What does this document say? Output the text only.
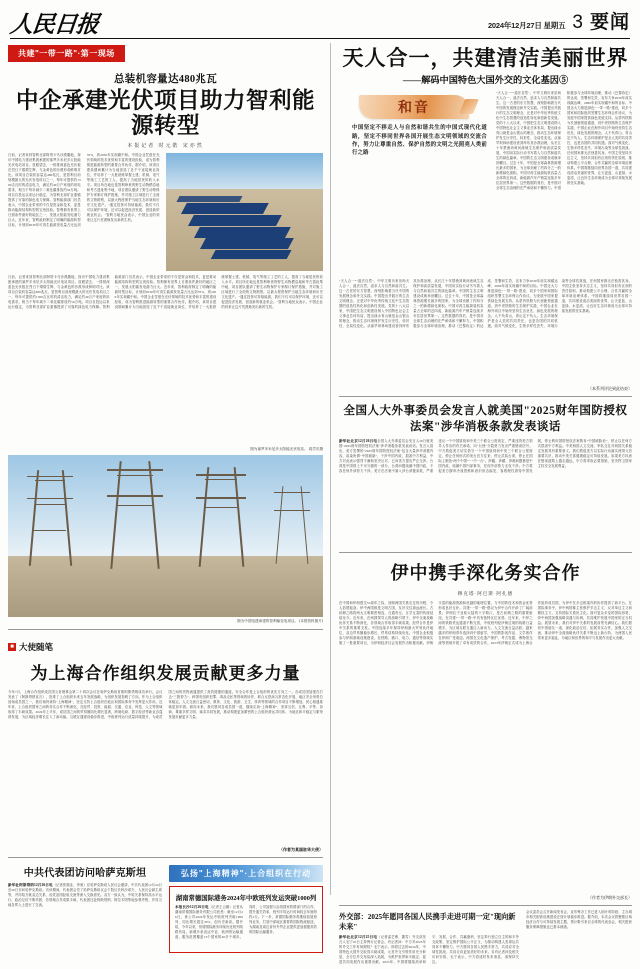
人民日报	2024年12月27日 星期五 3 要闻
共建"一带一路"·第一现场
总装机容量达480兆瓦
中企承建光伏项目助力智利能源转型
本报记者 时元皓 宋亦然
日前，记者来到智利北部阿塔卡马沙漠腹地，探访中国电力建设集团承建的塞罗多米尼多太阳能光伏电站项目。放眼望去，一排排深蓝色光伏板在烈日下熠熠生辉，与金黄色的沙漠形成鲜明对比。该项目总装机容量达480兆瓦，是智利目前规模最大的光伏发电项目之一，每年可提供约1300吉瓦时的清洁电力，满足约40万户家庭的用电需求，相当于每年减少二氧化碳排放约50万吨。项目自投运以来运行稳定，为智利北部矿业重镇提供了可靠的绿色电力保障。智利能源部门官员表示，中国企业带来的不仅是资金和技术，更是推动能源结构转型的宝贵经验。智利拥有世界上日照条件最好的地区之一，发展太阳能发电潜力巨大。近年来，智利政府制定了明确的能源转型目标，计划到2030年可再生能源发电量占比达到70%，到2050年实现碳中和。中国企业凭借在光伏领域的技术优势和丰富的建设经验，成为智利推进能源转型的重要合作伙伴。据介绍，该项目建设期间累计为当地创造了近千个直接就业岗位，并培养了一大批熟练掌握土建、机械、电气等施工工艺的工人，提高了当地居民的收入水平。项目所在地也是智利珍贵的野生动物栖息地和考古遗址集中地，项目团队邀请了野生动物保护专家制订保护措施，并对施工区域进行了全面的文物勘察，以最大程度保护当地生态环境和历史文化遗产。"通过投资可持续能源，我们不仅可以保护环境，还可以促进经济发展、创造新的就业机会。"智利当地民众表示，中国企业的到来让这片荒漠焕发出新的生机。
日前，记者来到智利北部阿塔卡马沙漠腹地，探访中国电力建设集团承建的塞罗多米尼多太阳能光伏电站项目。放眼望去，一排排深蓝色光伏板在烈日下熠熠生辉，与金黄色的沙漠形成鲜明对比。该项目总装机容量达480兆瓦，是智利目前规模最大的光伏发电项目之一，每年可提供约1300吉瓦时的清洁电力，满足约40万户家庭的用电需求，相当于每年减少二氧化碳排放约50万吨。项目自投运以来运行稳定，为智利北部矿业重镇提供了可靠的绿色电力保障。智利能源部门官员表示，中国企业带来的不仅是资金和技术，更是推动能源结构转型的宝贵经验。智利拥有世界上日照条件最好的地区之一，发展太阳能发电潜力巨大。近年来，智利政府制定了明确的能源转型目标，计划到2030年可再生能源发电量占比达到70%，到2050年实现碳中和。中国企业凭借在光伏领域的技术优势和丰富的建设经验，成为智利推进能源转型的重要合作伙伴。据介绍，该项目建设期间累计为当地创造了近千个直接就业岗位，并培养了一大批熟练掌握土建、机械、电气等施工工艺的工人，提高了当地居民的收入水平。项目所在地也是智利珍贵的野生动物栖息地和考古遗址集中地，项目团队邀请了野生动物保护专家制订保护措施，并对施工区域进行了全面的文物勘察，以最大程度保护当地生态环境和历史文化遗产。"通过投资可持续能源，我们不仅可以保护环境，还可以促进经济发展、创造新的就业机会。"智利当地民众表示，中国企业的到来让这片荒漠焕发出新的生机。
图为塞罗多米尼多太阳能光伏电站。 周学宗摄
图为中国电建承建的智利输变电项目。 (本报资料图片)
■ 大使随笔
为上海合作组织发展贡献更多力量
今年7月，上海合作组织成员国元首理事会第二十四次会议在哈萨克斯坦首都阿斯塔纳成功举行。会议发表了《阿斯塔纳宣言》，批准了上合组织未来五年发展战略，为组织发展指明了方向。作为上合组织创始成员国之一，我们始终秉持"上海精神"，坚定支持上合组织在地区和国际事务中发挥更大作用。近年来，上合组织国家之间的务实合作不断深化，在经贸、投资、能源、交通、农业、科技、人文等领域取得了丰硕成果。2024年上半年，成员国之间的贸易额同比增长显著，跨境电商、数字经济等新业态蓬勃发展，为区域经济增长注入了新动能。互联互通建设稳步推进，中欧班列运行质量持续提升，为成员国之间的货物流通提供了高效便捷的通道。安全合作是上合组织的优先方向之一。各成员国加强在打击"三股势力"、跨国有组织犯罪、毒品走私等领域的协作，联合反恐演习常态化开展，地区安全形势总体稳定。人文交流日益密切，教育、文化、旅游、卫生、体育等领域的合作项目不断增加，民心相通基础更加牢固。面向未来，我们愿同各成员国一道，继续弘扬"上海精神"，坚持互信、互利、平等、协商、尊重多样文明、谋求共同发展，推动构建更加紧密的上合组织命运共同体，为地区和平稳定与繁荣发展贡献更多力量。
（作者为某国驻华大使）
中共代表团访问哈萨克斯坦
新华社阿斯塔纳12月26日电（记者张继业、李奥）应哈萨克斯坦人民议会邀请，中共代表团12月24日至26日访问哈萨克斯坦。访问期间，代表团会见了哈萨克斯坦议会下院议长科沙诺夫、人民议会副主席等，并同哈方就双边关系、治党治国经验交流等深入交换意见。双方一致认为，中哈关系保持高水平运行，政治互信不断巩固，各领域合作成果丰硕。代表团还赴阿斯塔纳、阿拉木图等地参观考察，并同当地各界人士进行了交流。
弘扬"上海精神"·上合组织在行动
湖南常德国际港务2024年中欧班列发运突破1000列
本报长沙12月26日电（记者王云娜）记者从湖南常德国际港务有限公司获悉：截至12月26日，该公司2024年发运中欧班列突破1000列，同比增长超过30%，创历史新高。据介绍，今年以来，常德国际港务持续优化班列线路布局，新增多条直达中亚、欧洲的运输通道，服务范围覆盖13个国家的40多个城市。同时，公司加强与沿线国家铁路部门的合作，提升通关效率，班列平均运行时间较去年缩短约2天。下一步，常德国际港务将继续拓展班列业务，打造中部地区重要的国际物流枢纽，为湖南及周边省份外贸企业提供更加便捷高效的国际运输服务。
天人合一，共建清洁美丽世界
——解码中国特色大国外交的文化基因⑤
和音
中国坚定不移走人与自然和谐共生的中国式现代化道路，坚定不移同世界各国开展生态文明领域的交流合作，努力让尊重自然、保护自然的文明之光照亮人类前行之路
"天人合一""道法自然"，中华文明历来崇尚天人合一、道法自然，追求人与自然和谐共生。这一古老的东方智慧，深刻影响着当代中国的发展理念和外交实践。中国提出并践行的生态文明理念，正是对中华优秀传统文化中生态智慧的创造性转化和创新性发展。党的十八大以来，中国把生态文明建设纳入中国特色社会主义事业总体布局，提出绿水青山就是金山银山的理念，推动生态环境保护发生历史性、转折性、全局性变化。从塞罕坝林场建设者到库布其沙漠治理，从长江十年禁渔到黄河流域生态保护和高质量发展，中国用实际行动书写着人与自然和谐共生的绿色篇章。中国的生态文明建设成就举世瞩目。过去十年，中国是全球森林资源增长最多的国家，为全球贡献了约四分之一的新增绿化面积。中国可再生能源装机容量占全球的近四成，新能源汽车产销量连续多年位居世界第一。这些数据的背后，是中国对全球生态治理的庄严承诺和不懈努力。中国积极参与全球环境治理，推动《巴黎协定》的达成、签署和生效，宣布力争2030年前实现碳达峰、2060年前实现碳中和的目标。中国还大力推进绿色"一带一路"建设，同多个国家和国际组织签署生态环保合作协议，为发展中国家提供绿色发展支持。从蒙内铁路为长颈鹿预留通道，到中老铁路的生态保护实践，中国企业在海外项目中始终坚持生态优先、绿色发展的理念。人不负青山，青山定不负人。生态环境保护是全人类的共同责任，也是各国的共同机遇。面对气候变化、生物多样性丧失、环境污染等全球性挑战，任何国家都无法独善其身。中国主张坚持多边主义，坚持共同但有区别的责任原则，推动构建公平合理、合作共赢的全球环境治理体系。中国将继续同世界各国一道，共同建设清洁美丽的世界，让天更蓝、山更绿、水更清，让良好生态环境成为全球可持续发展的坚实基础。
"天人合一""道法自然"，中华文明历来崇尚天人合一、道法自然，追求人与自然和谐共生。这一古老的东方智慧，深刻影响着当代中国的发展理念和外交实践。中国提出并践行的生态文明理念，正是对中华优秀传统文化中生态智慧的创造性转化和创新性发展。党的十八大以来，中国把生态文明建设纳入中国特色社会主义事业总体布局，提出绿水青山就是金山银山的理念，推动生态环境保护发生历史性、转折性、全局性变化。从塞罕坝林场建设者到库布其沙漠治理，从长江十年禁渔到黄河流域生态保护和高质量发展，中国用实际行动书写着人与自然和谐共生的绿色篇章。中国的生态文明建设成就举世瞩目。过去十年，中国是全球森林资源增长最多的国家，为全球贡献了约四分之一的新增绿化面积。中国可再生能源装机容量占全球的近四成，新能源汽车产销量连续多年位居世界第一。这些数据的背后，是中国对全球生态治理的庄严承诺和不懈努力。中国积极参与全球环境治理，推动《巴黎协定》的达成、签署和生效，宣布力争2030年前实现碳达峰、2060年前实现碳中和的目标。中国还大力推进绿色"一带一路"建设，同多个国家和国际组织签署生态环保合作协议，为发展中国家提供绿色发展支持。从蒙内铁路为长颈鹿预留通道，到中老铁路的生态保护实践，中国企业在海外项目中始终坚持生态优先、绿色发展的理念。人不负青山，青山定不负人。生态环境保护是全人类的共同责任，也是各国的共同机遇。面对气候变化、生物多样性丧失、环境污染等全球性挑战，任何国家都无法独善其身。中国主张坚持多边主义，坚持共同但有区别的责任原则，推动构建公平合理、合作共赢的全球环境治理体系。中国将继续同世界各国一道，共同建设清洁美丽的世界，让天更蓝、山更绿、水更清，让良好生态环境成为全球可持续发展的坚实基础。
（本系列评论到此结束）
全国人大外事委员会发言人就美国"2025财年国防授权法案"涉华消极条款发表谈话
新华社北京12月26日电全国人大外事委员会发言人26日就美国"2025财年国防授权法案"涉华消极条款发表谈话。发言人指出，美方签署的"2025财年国防授权法案"包含大量涉华消极内容，渲染所谓"中国威胁"，干涉中国内政，损害中方利益，中方对此表示强烈不满和坚决反对，已向美方提出严正交涉。台湾是中国领土不可分割的一部分。台湾问题纯属中国内政，不容任何外部势力干涉。美方在法案中塞入涉台消极条款，严重违反一个中国原则和中美三个联合公报规定，严重违背美方领导人作出的有关承诺，向"台独"分裂势力发出严重错误信号。中方敦促美方切实恪守一个中国原则和中美三个联合公报规定，停止任何形式的美台官方往来，停止武装台湾，停止在国际上制造"两个中国""一中一台"。涉疆、涉藏、涉港问题都是中国内政，纯属中国内部事务，任何外部势力无权干涉。中方敦促美方摒弃冷战思维和意识形态偏见，客观理性看待中国发展，停止利用国防授权法案散布"中国威胁论"，停止以任何方式损害中方利益。中美两国人文交流、军队交往对两国关系稳定发展具有重要意义。我们敦促美方以实际行动落实两国元首重要共识，推动中美关系健康稳定可持续发展。如果美方执意在错误道路上越走越远，中方将采取必要措施，坚决捍卫国家主权安全发展利益。
伊中携手深化务实合作
穆克塔·阿巴斯·阿扎德
在中国和伊朗建交53周年之际，回顾两国关系走过的历程，令人倍感振奋。伊中两国都是文明古国，友好交往源远流长。古丝绸之路将两大文明紧密相连，互通有无、互学互鉴的传统延续至今。近年来，在两国领导人的战略引领下，伊中全面战略伙伴关系不断深化，各领域合作取得丰硕成果。经贸合作是伊中关系的重要支柱。中国连续多年保持伊朗最大贸易伙伴地位，双边贸易额稳步增长，贸易结构持续优化。中国企业积极参与伊朗基础设施建设，在铁路、港口、电力、通信等领域实施了一批重要项目，为伊朗经济社会发展作出积极贡献。伊朗丰富的能源资源和优越的地理位置，与中国的技术和资金优势形成良好互补。共建"一带一路"倡议为伊中合作开辟了广阔前景。伊朗位于亚欧大陆的十字路口，是古丝绸之路的重要枢纽，在共建"一带一路"中具有独特区位优势。近年来，中伊之间的铁路货运通道不断完善，中欧班列经伊朗过境的线路日益增多，为区域互联互通注入新动力。人文交流日益活跃。越来越多的伊朗青年选择到中国留学，中国的影视作品、文学著作在伊朗广受欢迎。两国在文化遗产保护、考古发掘、博物馆交流等领域开展了卓有成效的合作。2023年伊朗正式成为上海合作组织成员国，为伊中在多边框架内的协作提供了新平台。在国际事务中，伊中两国都主张维护多边主义，反对单边主义和霸权主义，支持国际关系民主化。面对复杂多变的国际形势，伊中两国加强战略沟通与协调，共同维护发展中国家的正当权益。展望未来，我们对伊中关系的发展前景充满信心。我们愿同中国朋友一道，深化政治互信，拓展务实合作，加强人文交流，推动伊中全面战略伙伴关系不断迈上新台阶，为两国人民带来更多福祉，为地区和世界的和平与发展作出更大贡献。
（作者为伊朗外交部长）
外交部：2025年愿同各国人民携手走进可期一定"现向新未来"
新华社北京12月25日电（记者邵艺博、董雪）外交部发言人毛宁25日主持例行记者会。有记者问：中方对2025年的外交工作有何期待？毛宁表示，即将过去的2024年，中国特色大国外交取得丰硕成果，元首外交引领作用充分彰显，全方位外交布局深入拓展，为维护世界和平稳定、促进共同发展作出重要贡献。2025年，中国将继续高举和平、发展、合作、共赢旗帜，坚定奉行独立自主的和平外交政策，坚定维护国际公平正义，为推动构建人类命运共同体不懈努力。中方愿同各国人民携手努力，共同应对全球性挑战，共同走向更加美好的未来。另有记者问及相关访问安排，毛宁表示，中方将适时发布消息，请保持关注。
会议委员会召开新闻发布会，宣布筹办工作已进入倒计时阶段，主办城市相关配套设施建设正按计划稳步推进。据介绍，本次会议将聚焦区域经济合作与可持续发展主题，预计吸引来自全球的代表参会，相关配套服务保障措施也已基本就绪。
